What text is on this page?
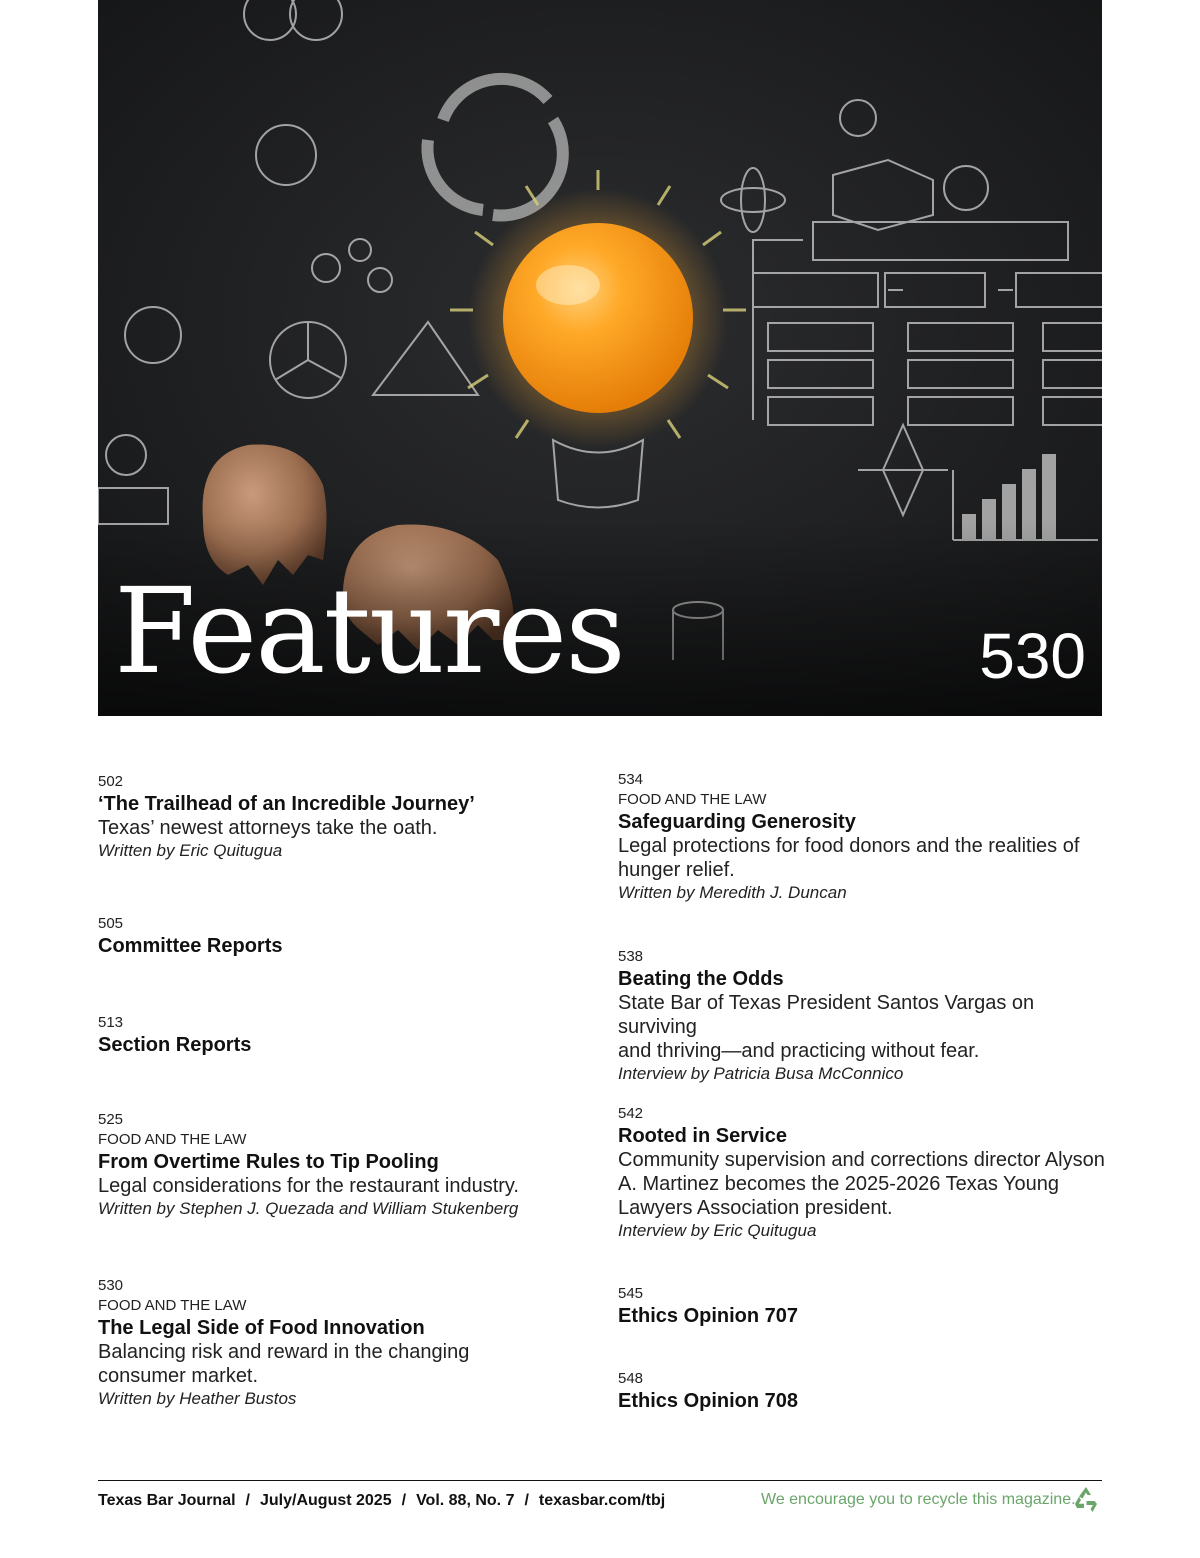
Features	530
502
‘The Trailhead of an Incredible Journey’
Texas’ newest attorneys take the oath.
Written by Eric Quitugua
505
Committee Reports
513
Section Reports
525
FOOD AND THE LAW
From Overtime Rules to Tip Pooling
Legal considerations for the restaurant industry.
Written by Stephen J. Quezada and William Stukenberg
530
FOOD AND THE LAW
The Legal Side of Food Innovation
Balancing risk and reward in the changing
consumer market.
Written by Heather Bustos
534
FOOD AND THE LAW
Safeguarding Generosity
Legal protections for food donors and the realities of
hunger relief.
Written by Meredith J. Duncan
538
Beating the Odds
State Bar of Texas President Santos Vargas on surviving
and thriving—and practicing without fear.
Interview by Patricia Busa McConnico
542
Rooted in Service
Community supervision and corrections director Alyson
A. Martinez becomes the 2025-2026 Texas Young
Lawyers Association president.
Interview by Eric Quitugua
545
Ethics Opinion 707
548
Ethics Opinion 708
Texas Bar Journal / July/August 2025 / Vol. 88, No. 7 / texasbar.com/tbj	We encourage you to recycle this magazine.
